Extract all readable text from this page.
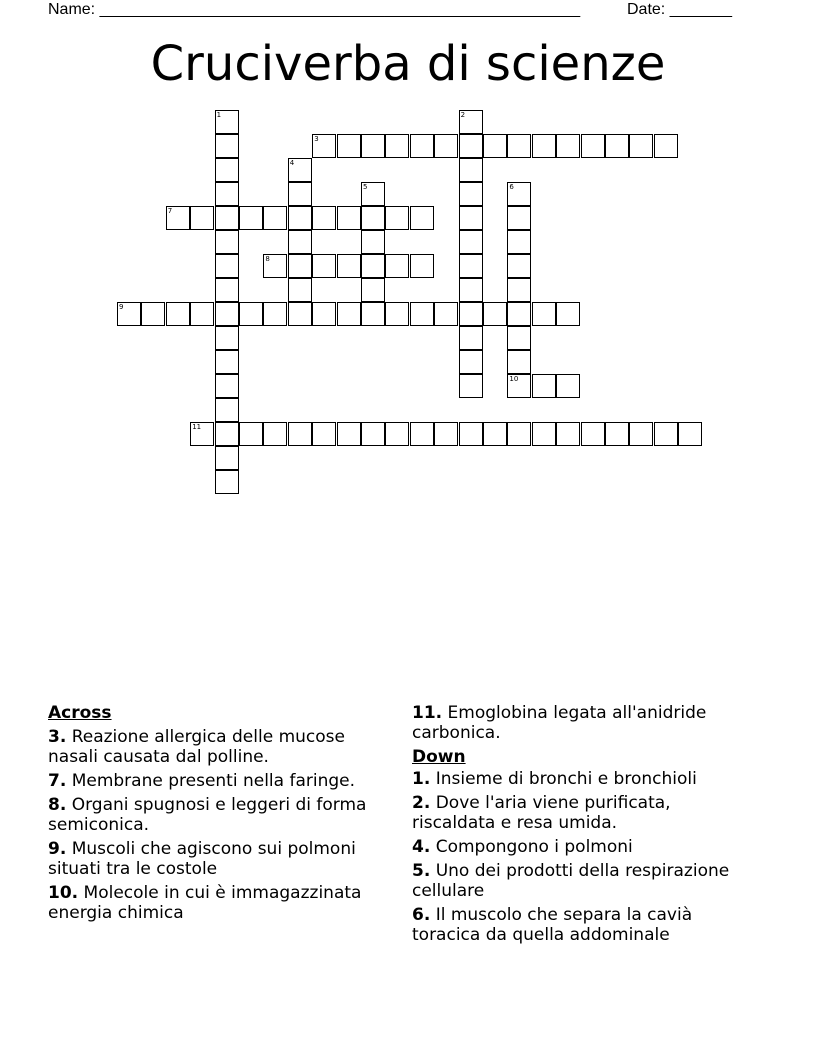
Name: ______________________________________________________	Date: _______
Cruciverba di scienze
1	2
3
4
5	6
10
7
8
9
11
Across
3. Reazione allergica delle mucose nasali causata dal polline.
7. Membrane presenti nella faringe.
8. Organi spugnosi e leggeri di forma semiconica.
9. Muscoli che agiscono sui polmoni situati tra le costole
10. Molecole in cui è immagazzinata energia chimica
11. Emoglobina legata all'anidride carbonica.
Down
1. Insieme di bronchi e bronchioli
2. Dove l'aria viene purificata, riscaldata e resa umida.
4. Compongono i polmoni
5. Uno dei prodotti della respirazione cellulare
6. Il muscolo che separa la cavià toracica da quella addominale
